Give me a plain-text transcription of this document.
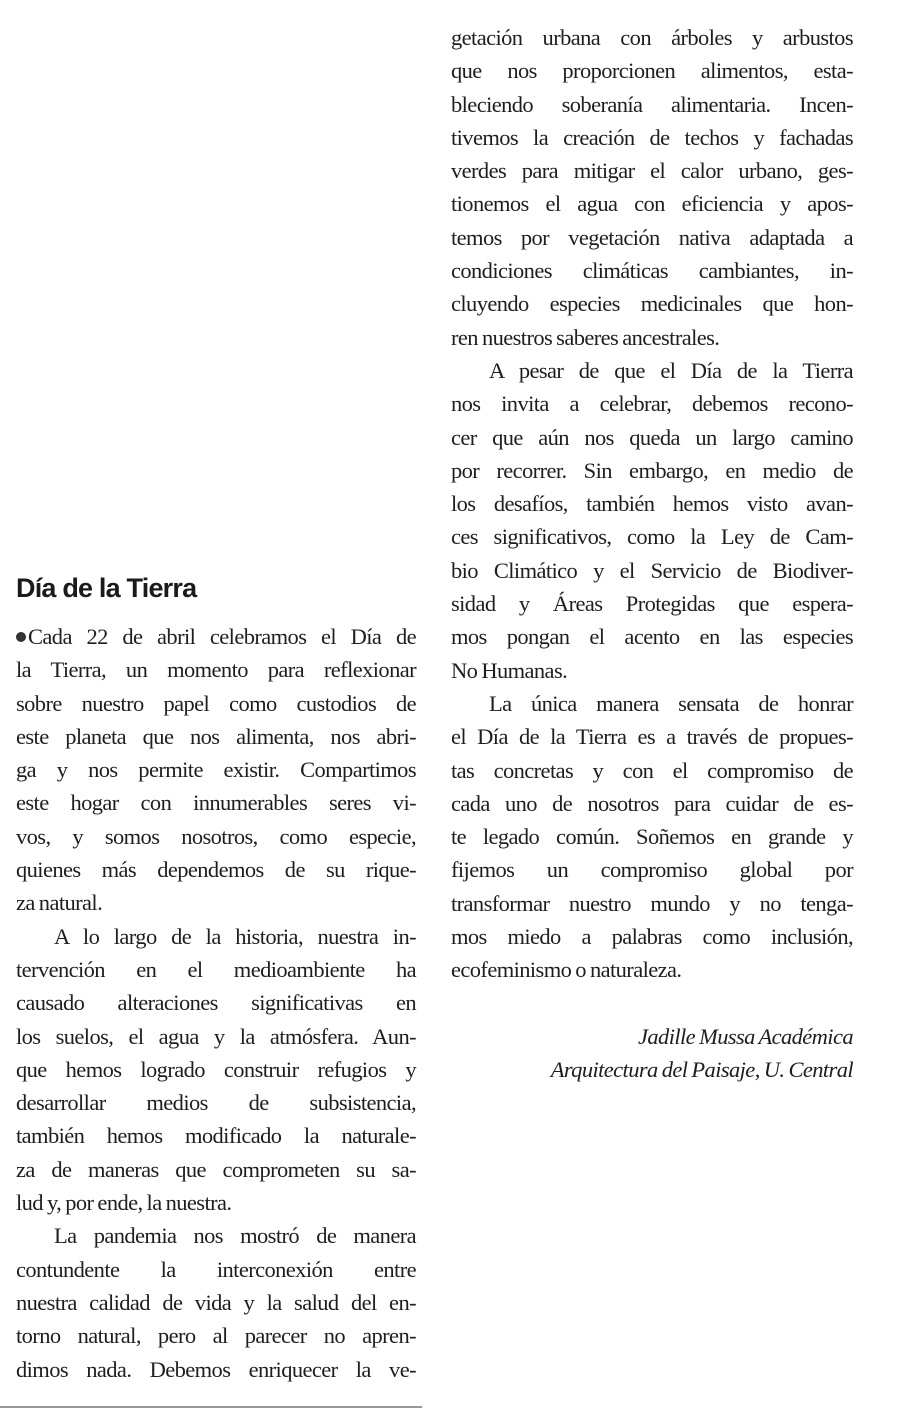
Día de la Tierra
Cada 22 de abril celebramos el Día de
la Tierra, un momento para reflexionar
sobre nuestro papel como custodios de
este planeta que nos alimenta, nos abri-
ga y nos permite existir. Compartimos
este hogar con innumerables seres vi-
vos, y somos nosotros, como especie,
quienes más dependemos de su rique-
za natural.
A lo largo de la historia, nuestra in-
tervención en el medioambiente ha
causado alteraciones significativas en
los suelos, el agua y la atmósfera. Aun-
que hemos logrado construir refugios y
desarrollar medios de subsistencia,
también hemos modificado la naturale-
za de maneras que comprometen su sa-
lud y, por ende, la nuestra.
La pandemia nos mostró de manera
contundente la interconexión entre
nuestra calidad de vida y la salud del en-
torno natural, pero al parecer no apren-
dimos nada. Debemos enriquecer la ve-
getación urbana con árboles y arbustos
que nos proporcionen alimentos, esta-
bleciendo soberanía alimentaria. Incen-
tivemos la creación de techos y fachadas
verdes para mitigar el calor urbano, ges-
tionemos el agua con eficiencia y apos-
temos por vegetación nativa adaptada a
condiciones climáticas cambiantes, in-
cluyendo especies medicinales que hon-
ren nuestros saberes ancestrales.
A pesar de que el Día de la Tierra
nos invita a celebrar, debemos recono-
cer que aún nos queda un largo camino
por recorrer. Sin embargo, en medio de
los desafíos, también hemos visto avan-
ces significativos, como la Ley de Cam-
bio Climático y el Servicio de Biodiver-
sidad y Áreas Protegidas que espera-
mos pongan el acento en las especies
No Humanas.
La única manera sensata de honrar
el Día de la Tierra es a través de propues-
tas concretas y con el compromiso de
cada uno de nosotros para cuidar de es-
te legado común. Soñemos en grande y
fijemos un compromiso global por
transformar nuestro mundo y no tenga-
mos miedo a palabras como inclusión,
ecofeminismo o naturaleza.
Jadille Mussa Académica
Arquitectura del Paisaje, U. Central
